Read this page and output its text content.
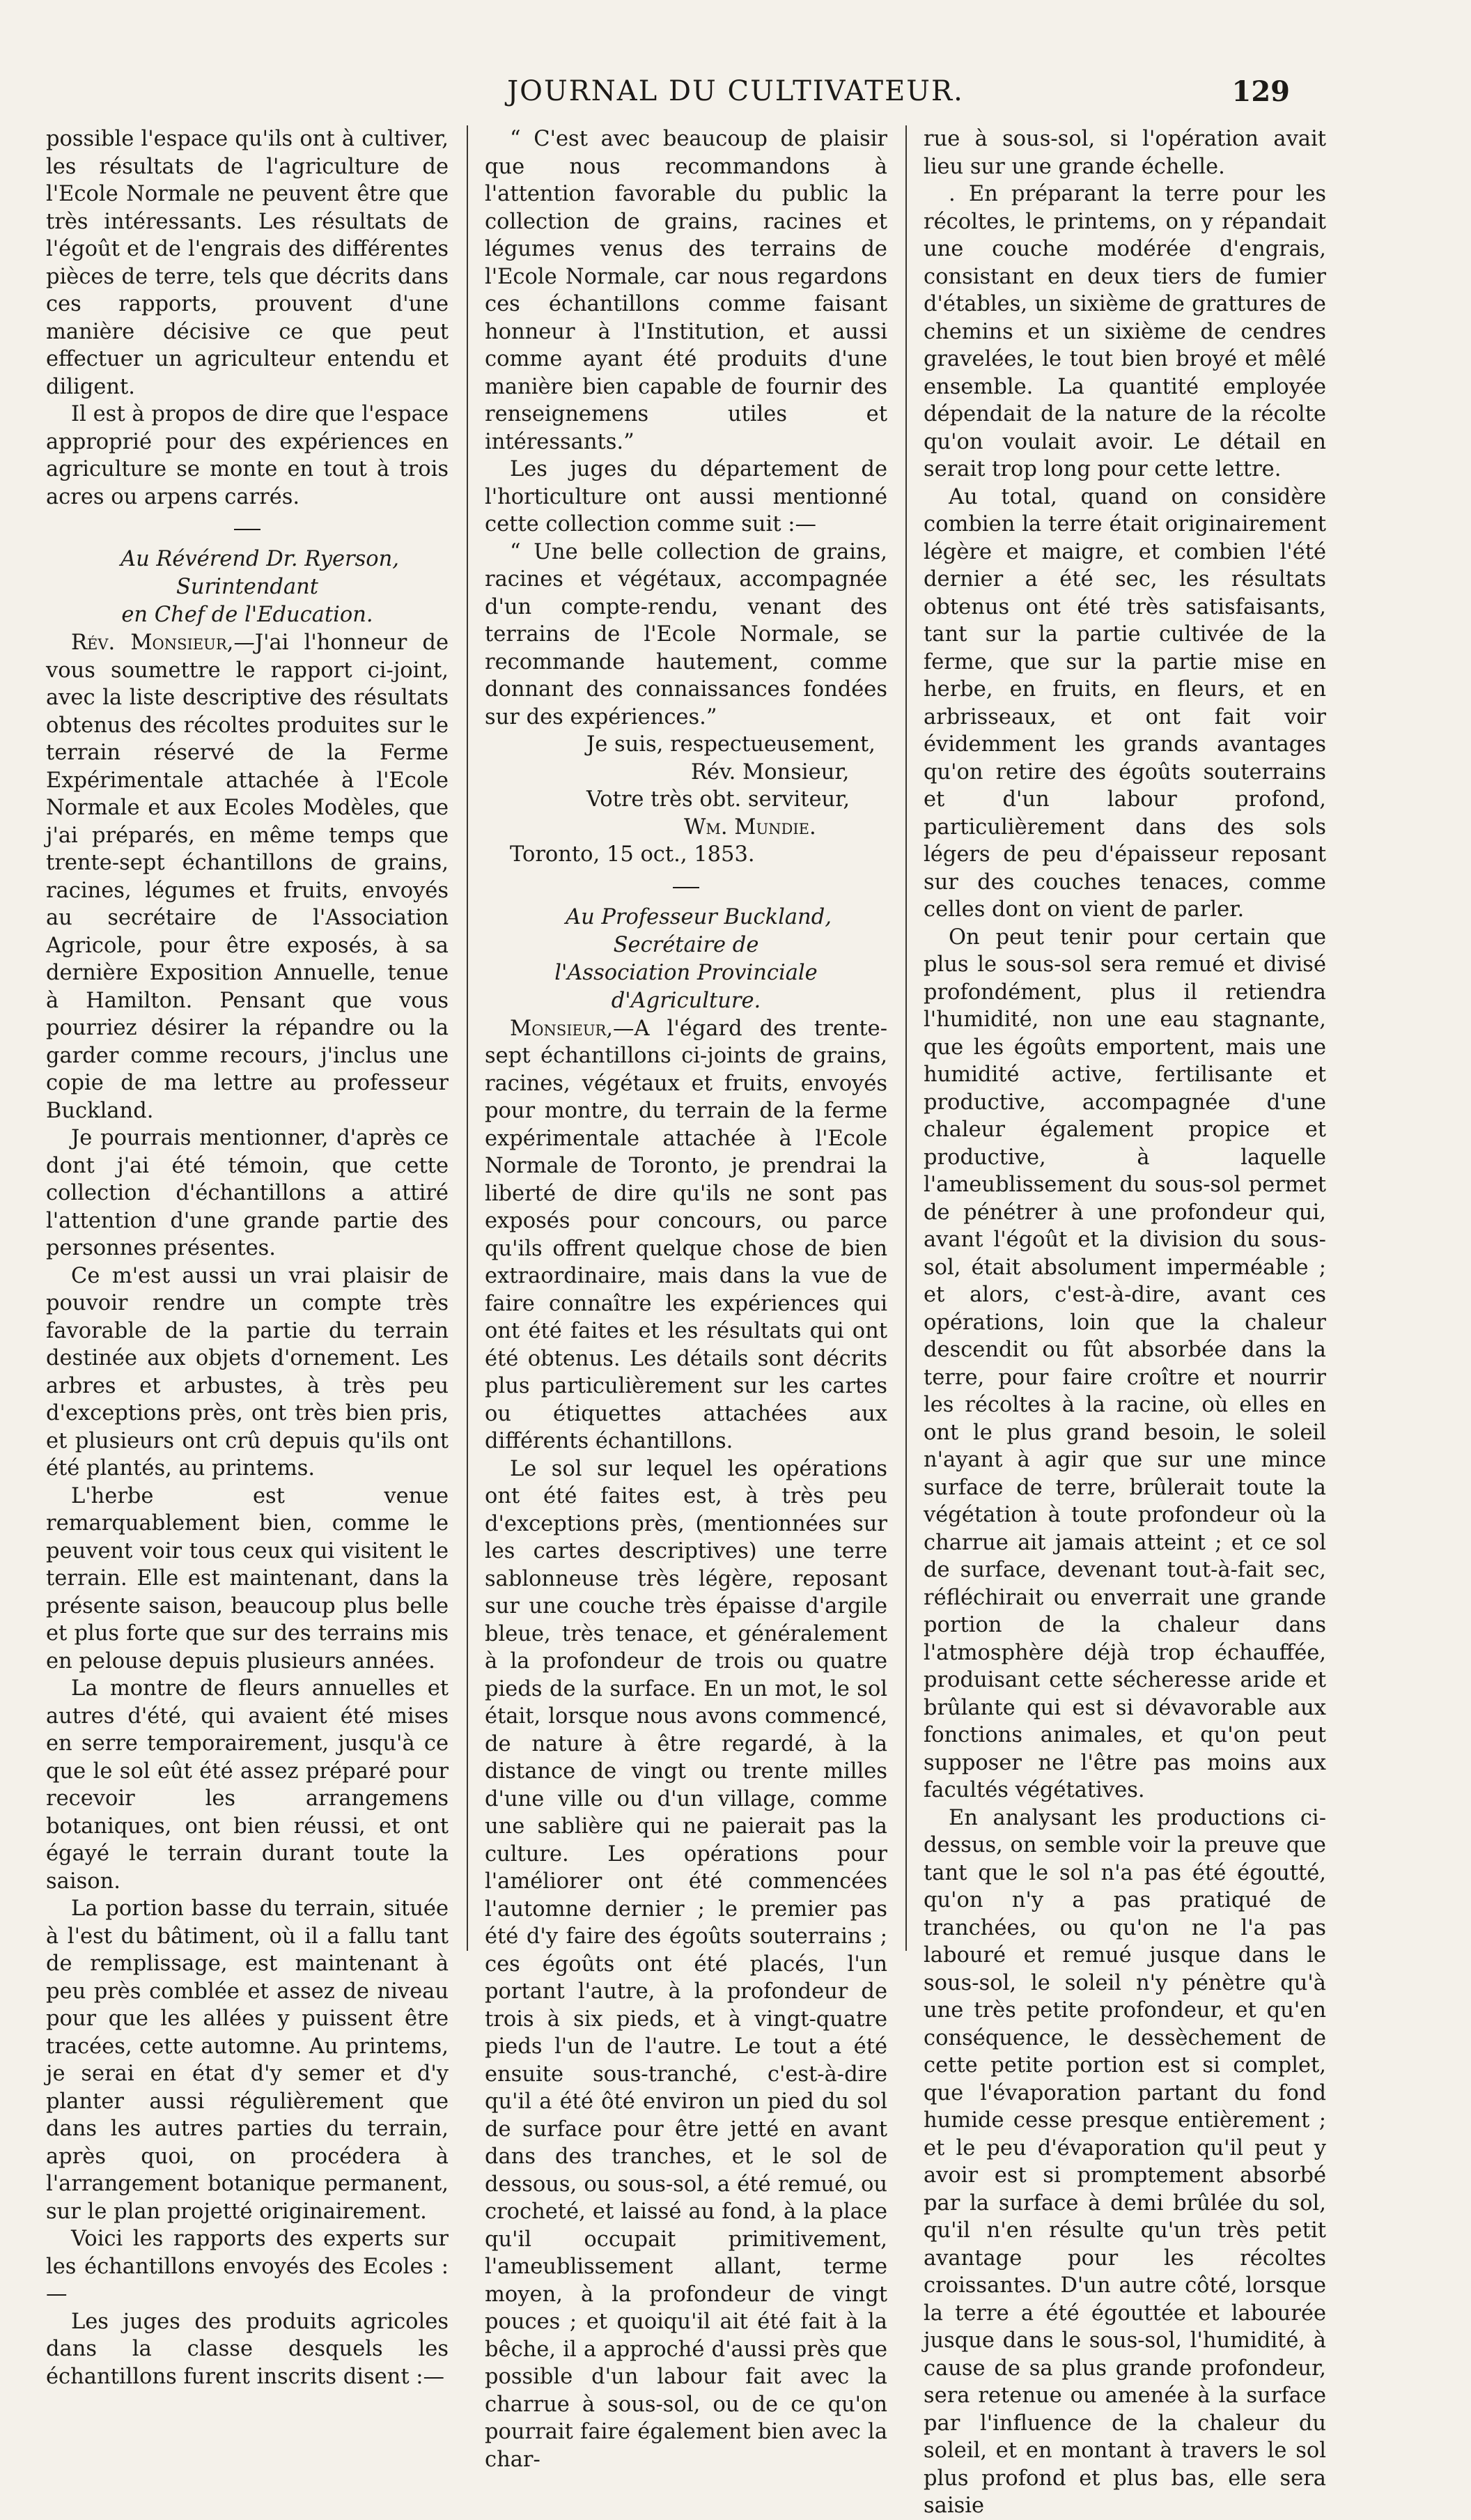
JOURNAL DU CULTIVATEUR.	129

possible l'espace qu'ils ont à cultiver, les résultats de l'agriculture de l'Ecole Normale ne peuvent être que très intéressants. Les résultats de l'égoût et de l'engrais des différentes pièces de terre, tels que décrits dans ces rapports, prouvent d'une manière décisive ce que peut effectuer un agriculteur entendu et diligent.

Il est à propos de dire que l'espace approprié pour des expériences en agriculture se monte en tout à trois acres ou arpens carrés.

Au Révérend Dr. Ryerson, Surintendant
en Chef de l'Education.

Rév. Monsieur,—J'ai l'honneur de vous soumettre le rapport ci-joint, avec la liste descriptive des résultats obtenus des récoltes produites sur le terrain réservé de la Ferme Expérimentale attachée à l'Ecole Normale et aux Ecoles Modèles, que j'ai préparés, en même temps que trente-sept échantillons de grains, racines, légumes et fruits, envoyés au secrétaire de l'Association Agricole, pour être exposés, à sa dernière Exposition Annuelle, tenue à Hamilton. Pensant que vous pourriez désirer la répandre ou la garder comme recours, j'inclus une copie de ma lettre au professeur Buckland.

Je pourrais mentionner, d'après ce dont j'ai été témoin, que cette collection d'échantillons a attiré l'attention d'une grande partie des personnes présentes.

Ce m'est aussi un vrai plaisir de pouvoir rendre un compte très favorable de la partie du terrain destinée aux objets d'ornement. Les arbres et arbustes, à très peu d'exceptions près, ont très bien pris, et plusieurs ont crû depuis qu'ils ont été plantés, au printems.

L'herbe est venue remarquablement bien, comme le peuvent voir tous ceux qui visitent le terrain. Elle est maintenant, dans la présente saison, beaucoup plus belle et plus forte que sur des terrains mis en pelouse depuis plusieurs années.

La montre de fleurs annuelles et autres d'été, qui avaient été mises en serre temporairement, jusqu'à ce que le sol eût été assez préparé pour recevoir les arrangemens botaniques, ont bien réussi, et ont égayé le terrain durant toute la saison.

La portion basse du terrain, située à l'est du bâtiment, où il a fallu tant de remplissage, est maintenant à peu près comblée et assez de niveau pour que les allées y puissent être tracées, cette automne. Au printems, je serai en état d'y semer et d'y planter aussi régulièrement que dans les autres parties du terrain, après quoi, on procédera à l'arrangement botanique permanent, sur le plan projetté originairement.

Voici les rapports des experts sur les échantillons envoyés des Ecoles : —

Les juges des produits agricoles dans la classe desquels les échantillons furent inscrits disent :—

“ C'est avec beaucoup de plaisir que nous recommandons à l'attention favorable du public la collection de grains, racines et légumes venus des terrains de l'Ecole Normale, car nous regardons ces échantillons comme faisant honneur à l'Institution, et aussi comme ayant été produits d'une manière bien capable de fournir des renseignemens utiles et intéressants.”

Les juges du département de l'horticulture ont aussi mentionné cette collection comme suit :—

“ Une belle collection de grains, racines et végétaux, accompagnée d'un compte-rendu, venant des terrains de l'Ecole Normale, se recommande hautement, comme donnant des connaissances fondées sur des expériences.”

Je suis, respectueusement,

Rév. Monsieur,

Votre très obt. serviteur,

Wm. Mundie.

Toronto, 15 oct., 1853.

Au Professeur Buckland, Secrétaire de
l'Association Provinciale d'Agriculture.

Monsieur,—A l'égard des trente-sept échantillons ci-joints de grains, racines, végétaux et fruits, envoyés pour montre, du terrain de la ferme expérimentale attachée à l'Ecole Normale de Toronto, je prendrai la liberté de dire qu'ils ne sont pas exposés pour concours, ou parce qu'ils offrent quelque chose de bien extraordinaire, mais dans la vue de faire connaître les expériences qui ont été faites et les résultats qui ont été obtenus. Les détails sont décrits plus particulièrement sur les cartes ou étiquettes attachées aux différents échantillons.

Le sol sur lequel les opérations ont été faites est, à très peu d'exceptions près, (mentionnées sur les cartes descriptives) une terre sablonneuse très légère, reposant sur une couche très épaisse d'argile bleue, très tenace, et généralement à la profondeur de trois ou quatre pieds de la surface. En un mot, le sol était, lorsque nous avons commencé, de nature à être regardé, à la distance de vingt ou trente milles d'une ville ou d'un village, comme une sablière qui ne paierait pas la culture. Les opérations pour l'améliorer ont été commencées l'automne dernier ; le premier pas été d'y faire des égoûts souterrains ; ces égoûts ont été placés, l'un portant l'autre, à la profondeur de trois à six pieds, et à vingt-quatre pieds l'un de l'autre. Le tout a été ensuite sous-tranché, c'est-à-dire qu'il a été ôté environ un pied du sol de surface pour être jetté en avant dans des tranches, et le sol de dessous, ou sous-sol, a été remué, ou crocheté, et laissé au fond, à la place qu'il occupait primitivement, l'ameublissement allant, terme moyen, à la profondeur de vingt pouces ; et quoiqu'il ait été fait à la bêche, il a approché d'aussi près que possible d'un labour fait avec la charrue à sous-sol, ou de ce qu'on pourrait faire également bien avec la char-

rue à sous-sol, si l'opération avait lieu sur une grande échelle.

. En préparant la terre pour les récoltes, le printems, on y répandait une couche modérée d'engrais, consistant en deux tiers de fumier d'étables, un sixième de grattures de chemins et un sixième de cendres gravelées, le tout bien broyé et mêlé ensemble. La quantité employée dépendait de la nature de la récolte qu'on voulait avoir. Le détail en serait trop long pour cette lettre.

Au total, quand on considère combien la terre était originairement légère et maigre, et combien l'été dernier a été sec, les résultats obtenus ont été très satisfaisants, tant sur la partie cultivée de la ferme, que sur la partie mise en herbe, en fruits, en fleurs, et en arbrisseaux, et ont fait voir évidemment les grands avantages qu'on retire des égoûts souterrains et d'un labour profond, particulièrement dans des sols légers de peu d'épaisseur reposant sur des couches tenaces, comme celles dont on vient de parler.

On peut tenir pour certain que plus le sous-sol sera remué et divisé profondément, plus il retiendra l'humidité, non une eau stagnante, que les égoûts emportent, mais une humidité active, fertilisante et productive, accompagnée d'une chaleur également propice et productive, à laquelle l'ameublissement du sous-sol permet de pénétrer à une profondeur qui, avant l'égoût et la division du sous-sol, était absolument imperméable ; et alors, c'est-à-dire, avant ces opérations, loin que la chaleur descendit ou fût absorbée dans la terre, pour faire croître et nourrir les récoltes à la racine, où elles en ont le plus grand besoin, le soleil n'ayant à agir que sur une mince surface de terre, brûlerait toute la végétation à toute profondeur où la charrue ait jamais atteint ; et ce sol de surface, devenant tout-à-fait sec, réfléchirait ou enverrait une grande portion de la chaleur dans l'atmosphère déjà trop échauffée, produisant cette sécheresse aride et brûlante qui est si dévavorable aux fonctions animales, et qu'on peut supposer ne l'être pas moins aux facultés végétatives.

En analysant les productions ci-dessus, on semble voir la preuve que tant que le sol n'a pas été égoutté, qu'on n'y a pas pratiqué de tranchées, ou qu'on ne l'a pas labouré et remué jusque dans le sous-sol, le soleil n'y pénètre qu'à une très petite profondeur, et qu'en conséquence, le dessèchement de cette petite portion est si complet, que l'évaporation partant du fond humide cesse presque entièrement ; et le peu d'évaporation qu'il peut y avoir est si promptement absorbé par la surface à demi brûlée du sol, qu'il n'en résulte qu'un très petit avantage pour les récoltes croissantes. D'un autre côté, lorsque la terre a été égouttée et labourée jusque dans le sous-sol, l'humidité, à cause de sa plus grande profondeur, sera retenue ou amenée à la surface par l'influence de la chaleur du soleil, et en montant à travers le sol plus profond et plus bas, elle sera saisie
